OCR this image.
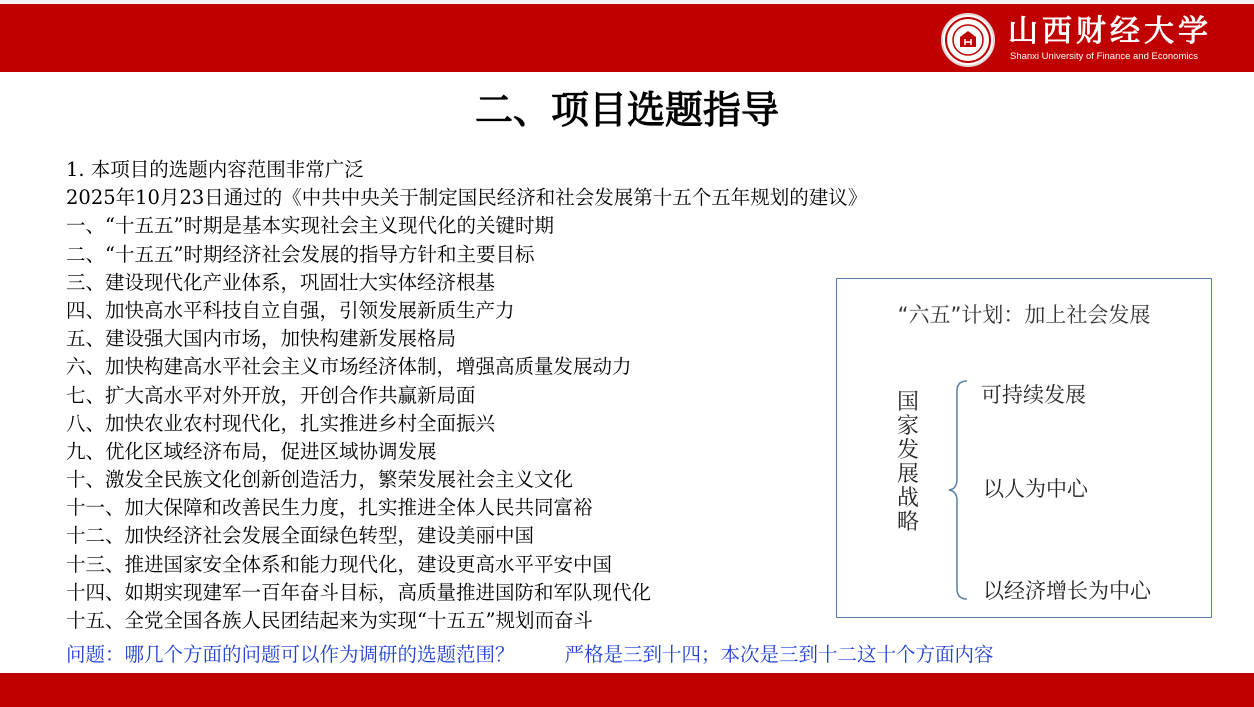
山西财经大学
Shanxi University of Finance and Economics
二、项目选题指导
1. 本项目的选题内容范围非常广泛
2025年10月23日通过的《中共中央关于制定国民经济和社会发展第十五个五年规划的建议》
一、“十五五”时期是基本实现社会主义现代化的关键时期
二、“十五五”时期经济社会发展的指导方针和主要目标
三、建设现代化产业体系，巩固壮大实体经济根基
四、加快高水平科技自立自强，引领发展新质生产力
五、建设强大国内市场，加快构建新发展格局
六、加快构建高水平社会主义市场经济体制，增强高质量发展动力
七、扩大高水平对外开放，开创合作共赢新局面
八、加快农业农村现代化，扎实推进乡村全面振兴
九、优化区域经济布局，促进区域协调发展
十、激发全民族文化创新创造活力，繁荣发展社会主义文化
十一、加大保障和改善民生力度，扎实推进全体人民共同富裕
十二、加快经济社会发展全面绿色转型，建设美丽中国
十三、推进国家安全体系和能力现代化，建设更高水平平安中国
十四、如期实现建军一百年奋斗目标，高质量推进国防和军队现代化
十五、全党全国各族人民团结起来为实现“十五五”规划而奋斗
问题：哪几个方面的问题可以作为调研的选题范围？	严格是三到十四；本次是三到十二这十个方面内容
“六五”计划：加上社会发展
国
家
发
展
战
略
可持续发展
以人为中心
以经济增长为中心
